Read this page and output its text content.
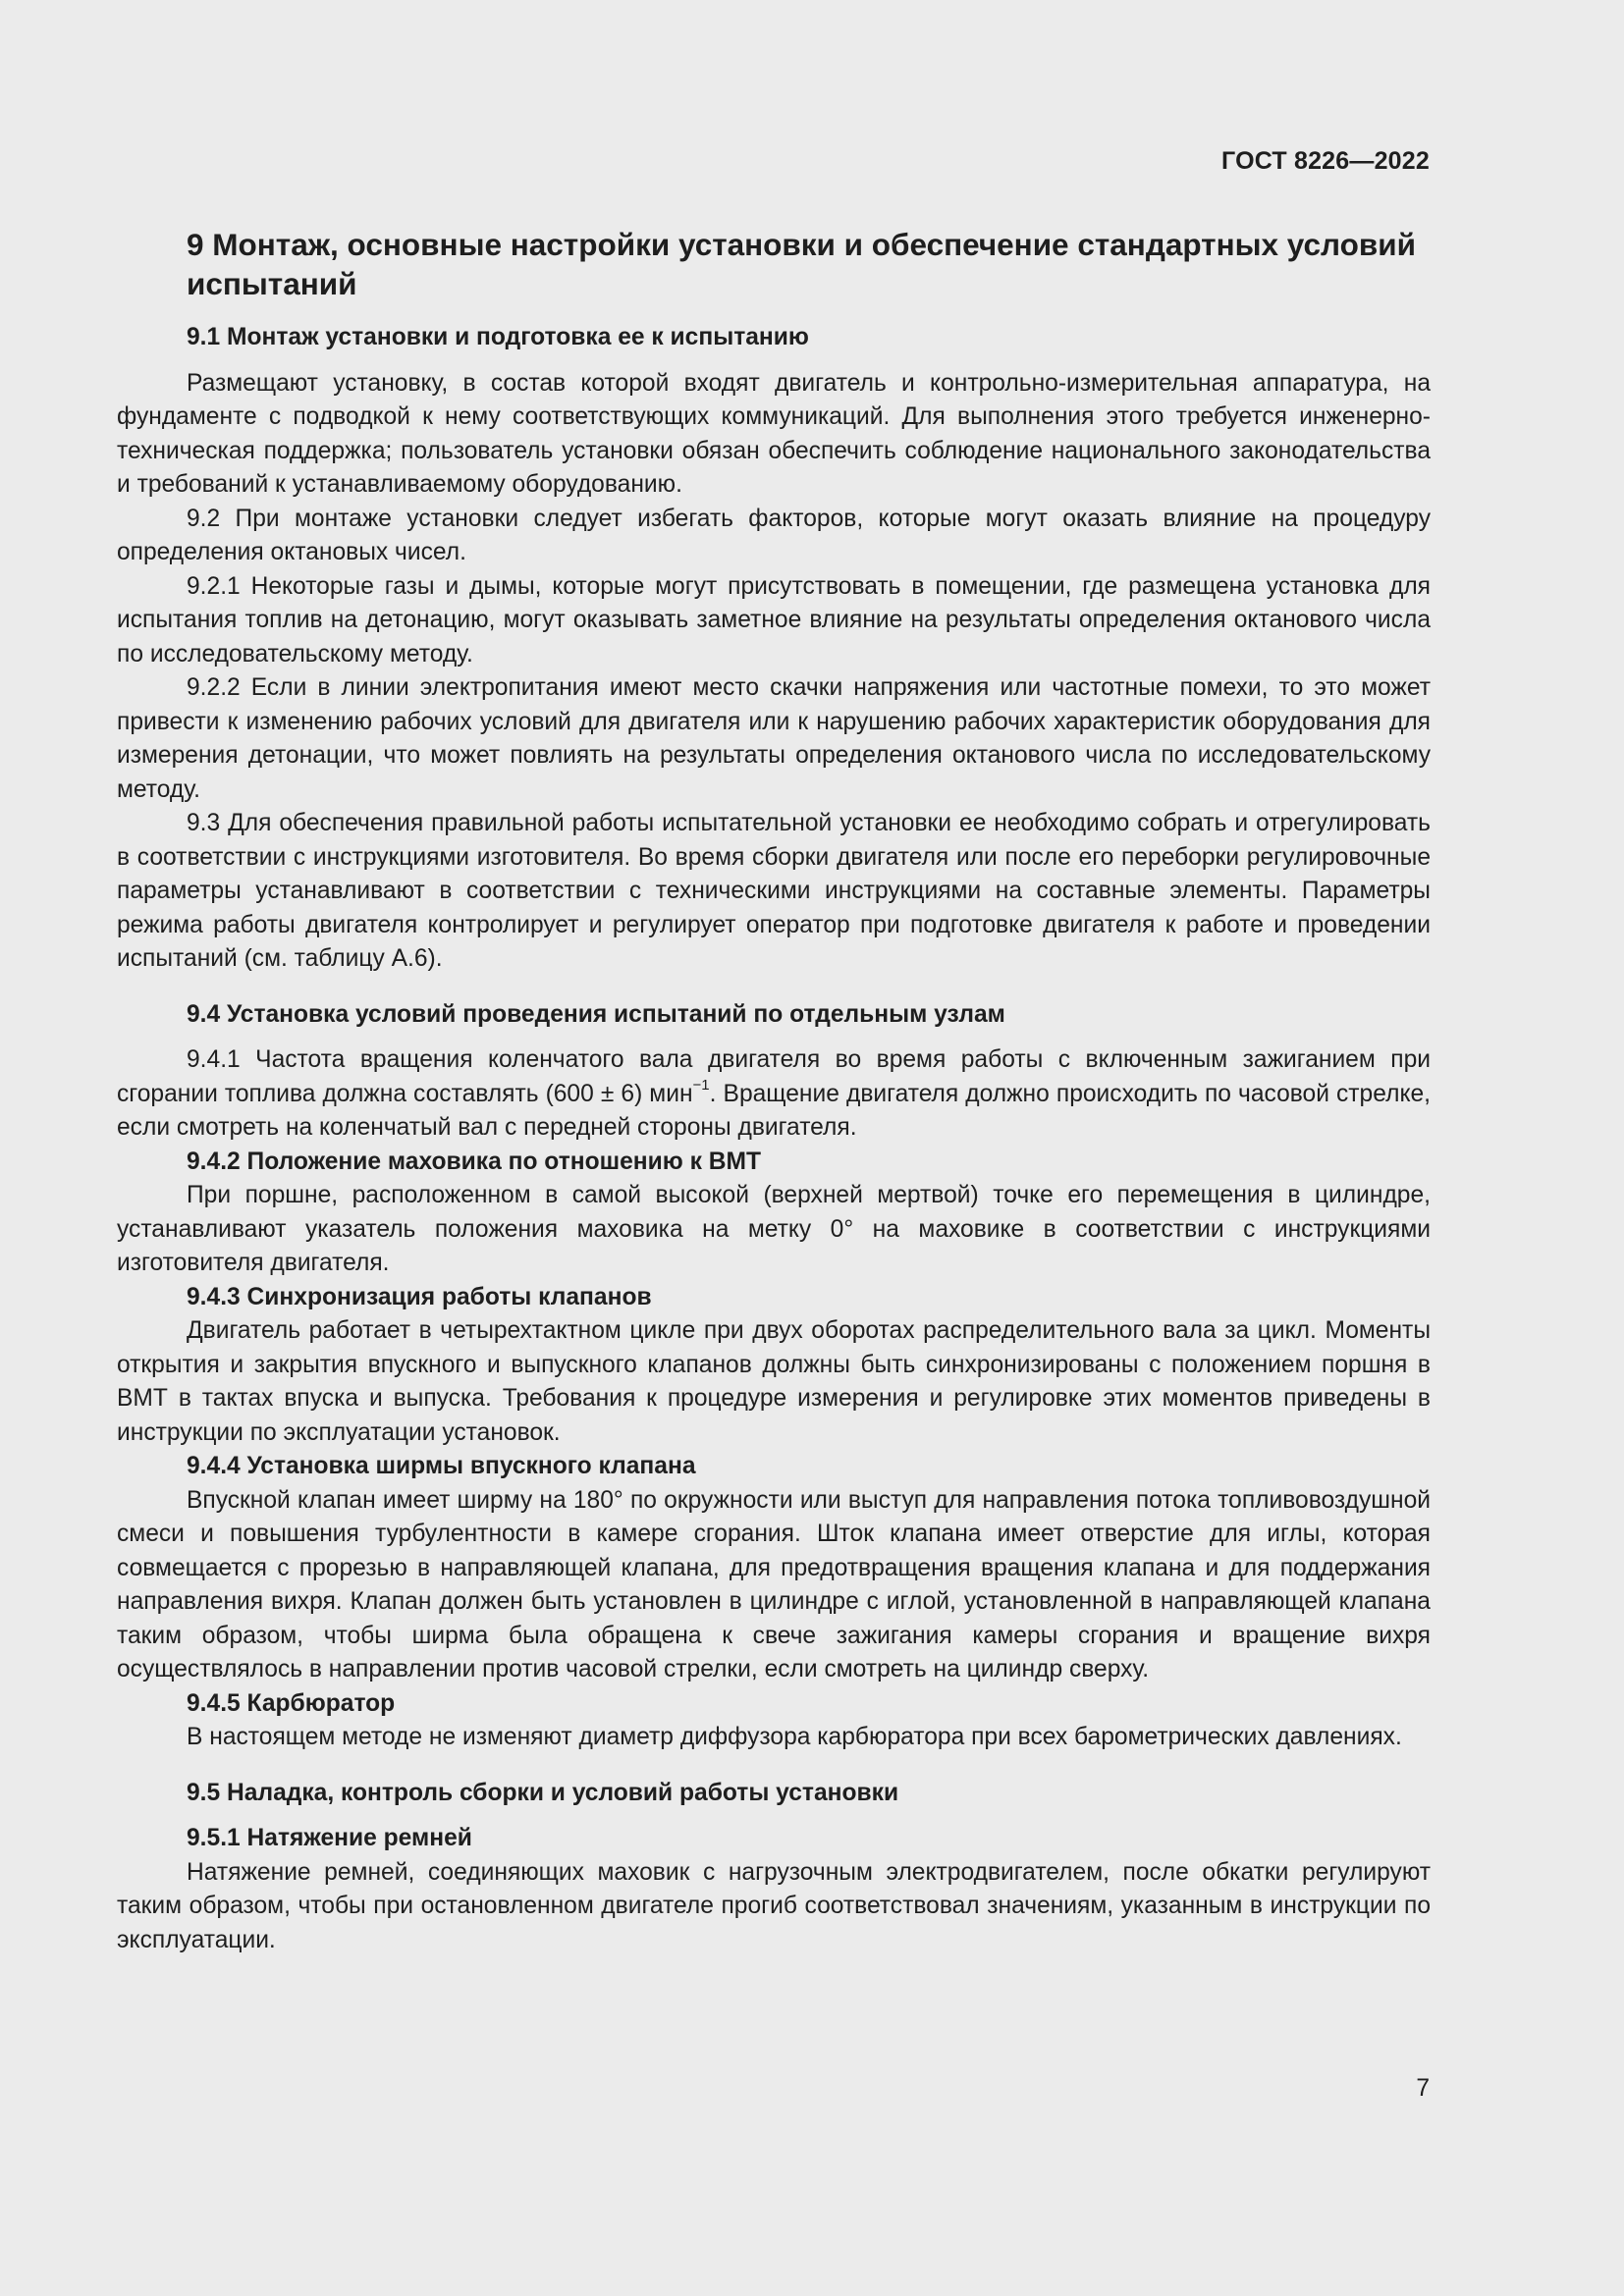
ГОСТ 8226—2022
9 Монтаж, основные настройки установки и обеспечение стандартных условий испытаний
9.1 Монтаж установки и подготовка ее к испытанию

Размещают установку, в состав которой входят двигатель и контрольно-измерительная аппаратура, на фундаменте с подводкой к нему соответствующих коммуникаций. Для выполнения этого требуется инженерно-техническая поддержка; пользователь установки обязан обеспечить соблюдение национального законодательства и требований к устанавливаемому оборудованию.

9.2 При монтаже установки следует избегать факторов, которые могут оказать влияние на процедуру определения октановых чисел.

9.2.1 Некоторые газы и дымы, которые могут присутствовать в помещении, где размещена установка для испытания топлив на детонацию, могут оказывать заметное влияние на результаты определения октанового числа по исследовательскому методу.

9.2.2 Если в линии электропитания имеют место скачки напряжения или частотные помехи, то это может привести к изменению рабочих условий для двигателя или к нарушению рабочих характеристик оборудования для измерения детонации, что может повлиять на результаты определения октанового числа по исследовательскому методу.

9.3 Для обеспечения правильной работы испытательной установки ее необходимо собрать и отрегулировать в соответствии с инструкциями изготовителя. Во время сборки двигателя или после его переборки регулировочные параметры устанавливают в соответствии с техническими инструкциями на составные элементы. Параметры режима работы двигателя контролирует и регулирует оператор при подготовке двигателя к работе и проведении испытаний (см. таблицу А.6).

9.4 Установка условий проведения испытаний по отдельным узлам

9.4.1 Частота вращения коленчатого вала двигателя во время работы с включенным зажиганием при сгорании топлива должна составлять (600 ± 6) мин$^{-1}$. Вращение двигателя должно происходить по часовой стрелке, если смотреть на коленчатый вал с передней стороны двигателя.

9.4.2 Положение маховика по отношению к ВМТ

При поршне, расположенном в самой высокой (верхней мертвой) точке его перемещения в цилиндре, устанавливают указатель положения маховика на метку 0° на маховике в соответствии с инструкциями изготовителя двигателя.

9.4.3 Синхронизация работы клапанов

Двигатель работает в четырехтактном цикле при двух оборотах распределительного вала за цикл. Моменты открытия и закрытия впускного и выпускного клапанов должны быть синхронизированы с положением поршня в ВМТ в тактах впуска и выпуска. Требования к процедуре измерения и регулировке этих моментов приведены в инструкции по эксплуатации установок.

9.4.4 Установка ширмы впускного клапана

Впускной клапан имеет ширму на 180° по окружности или выступ для направления потока топливовоздушной смеси и повышения турбулентности в камере сгорания. Шток клапана имеет отверстие для иглы, которая совмещается с прорезью в направляющей клапана, для предотвращения вращения клапана и для поддержания направления вихря. Клапан должен быть установлен в цилиндре с иглой, установленной в направляющей клапана таким образом, чтобы ширма была обращена к свече зажигания камеры сгорания и вращение вихря осуществлялось в направлении против часовой стрелки, если смотреть на цилиндр сверху.

9.4.5 Карбюратор

В настоящем методе не изменяют диаметр диффузора карбюратора при всех барометрических давлениях.

9.5 Наладка, контроль сборки и условий работы установки
9.5.1 Натяжение ремней

Натяжение ремней, соединяющих маховик с нагрузочным электродвигателем, после обкатки регулируют таким образом, чтобы при остановленном двигателе прогиб соответствовал значениям, указанным в инструкции по эксплуатации.

7
